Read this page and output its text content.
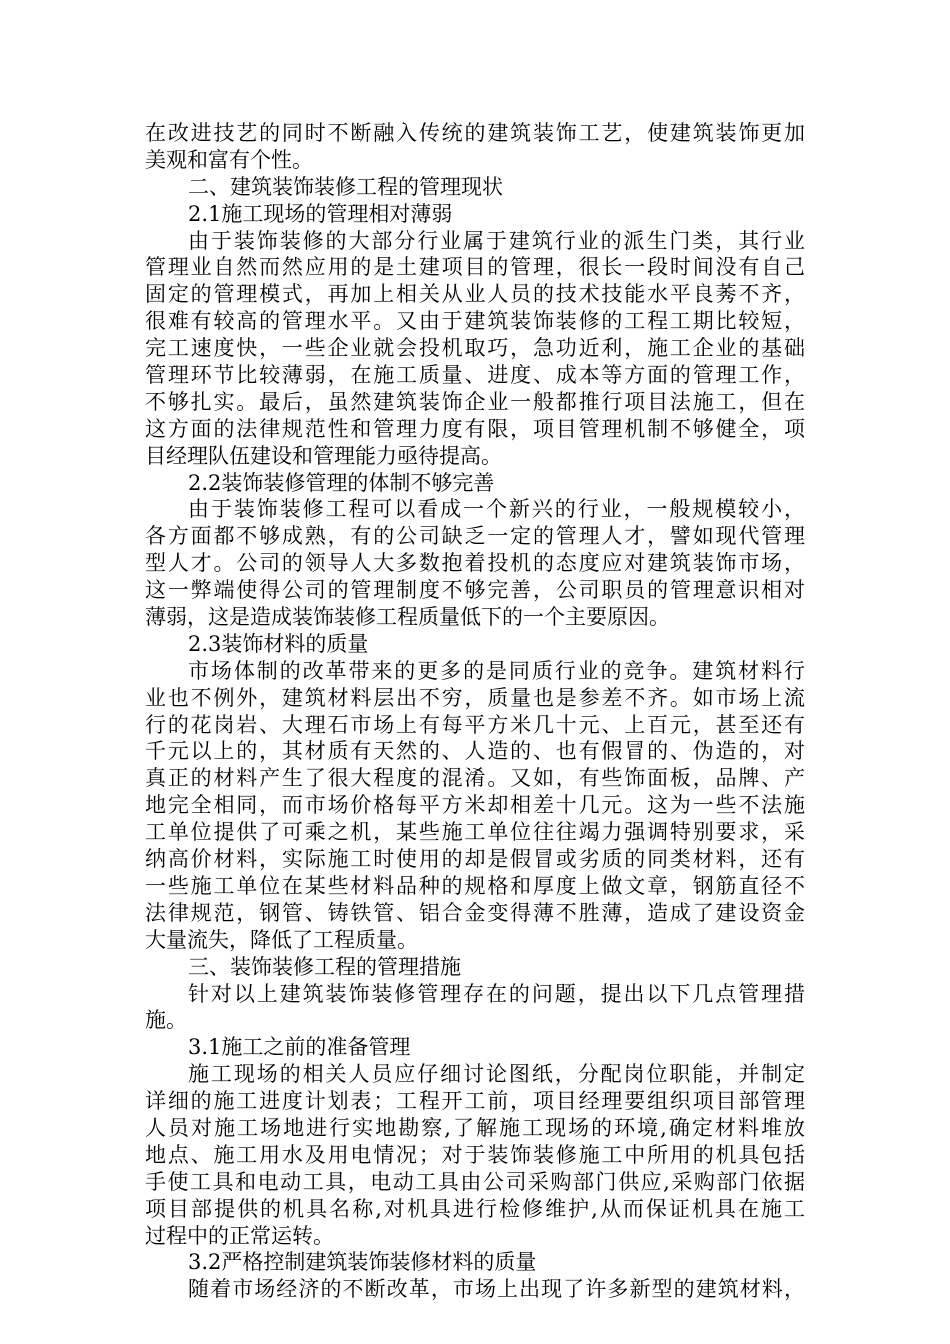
在改进技艺的同时不断融入传统的建筑装饰工艺，使建筑装饰更加
美观和富有个性。
二、建筑装饰装修工程的管理现状
2.1施工现场的管理相对薄弱
由于装饰装修的大部分行业属于建筑行业的派生门类，其行业
管理业自然而然应用的是土建项目的管理，很长一段时间没有自己
固定的管理模式，再加上相关从业人员的技术技能水平良莠不齐，
很难有较高的管理水平。又由于建筑装饰装修的工程工期比较短，
完工速度快，一些企业就会投机取巧，急功近利，施工企业的基础
管理环节比较薄弱，在施工质量、进度、成本等方面的管理工作，
不够扎实。最后，虽然建筑装饰企业一般都推行项目法施工，但在
这方面的法律规范性和管理力度有限，项目管理机制不够健全，项
目经理队伍建设和管理能力亟待提高。
2.2装饰装修管理的体制不够完善
由于装饰装修工程可以看成一个新兴的行业，一般规模较小，
各方面都不够成熟，有的公司缺乏一定的管理人才，譬如现代管理
型人才。公司的领导人大多数抱着投机的态度应对建筑装饰市场，
这一弊端使得公司的管理制度不够完善，公司职员的管理意识相对
薄弱，这是造成装饰装修工程质量低下的一个主要原因。
2.3装饰材料的质量
市场体制的改革带来的更多的是同质行业的竞争。建筑材料行
业也不例外，建筑材料层出不穷，质量也是参差不齐。如市场上流
行的花岗岩、大理石市场上有每平方米几十元、上百元，甚至还有
千元以上的，其材质有天然的、人造的、也有假冒的、伪造的，对
真正的材料产生了很大程度的混淆。又如，有些饰面板，品牌、产
地完全相同，而市场价格每平方米却相差十几元。这为一些不法施
工单位提供了可乘之机，某些施工单位往往竭力强调特别要求，采
纳高价材料，实际施工时使用的却是假冒或劣质的同类材料，还有
一些施工单位在某些材料品种的规格和厚度上做文章，钢筋直径不
法律规范，钢管、铸铁管、铝合金变得薄不胜薄，造成了建设资金
大量流失，降低了工程质量。
三、装饰装修工程的管理措施
针对以上建筑装饰装修管理存在的问题，提出以下几点管理措
施。
3.1施工之前的准备管理
施工现场的相关人员应仔细讨论图纸，分配岗位职能，并制定
详细的施工进度计划表；工程开工前，项目经理要组织项目部管理
人员对施工场地进行实地勘察,了解施工现场的环境,确定材料堆放
地点、施工用水及用电情况；对于装饰装修施工中所用的机具包括
手使工具和电动工具，电动工具由公司采购部门供应,采购部门依据
项目部提供的机具名称,对机具进行检修维护,从而保证机具在施工
过程中的正常运转。
3.2严格控制建筑装饰装修材料的质量
随着市场经济的不断改革，市场上出现了许多新型的建筑材料，
